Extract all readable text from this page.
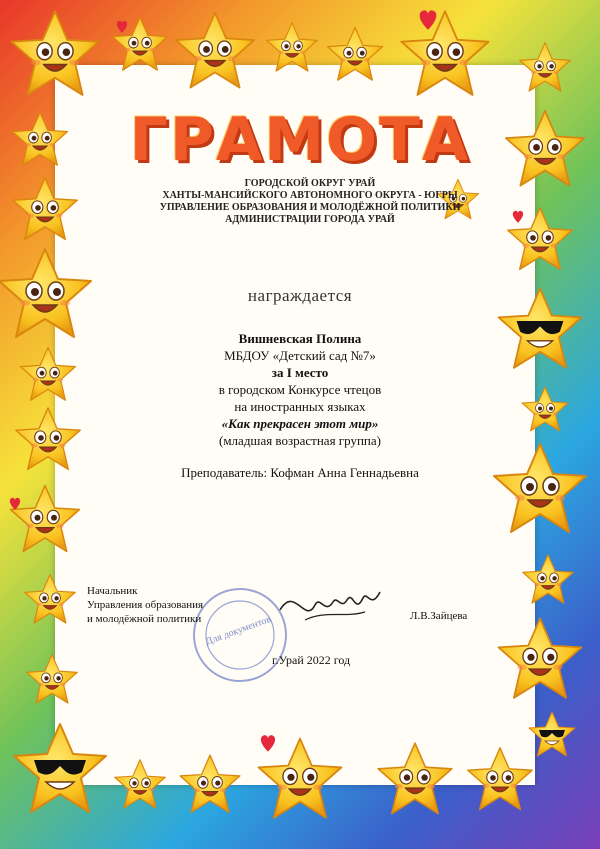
ГРАМОТА
ГОРОДСКОЙ ОКРУГ УРАЙ
ХАНТЫ-МАНСИЙСКОГО АВТОНОМНОГО ОКРУГА - ЮГРЫ
УПРАВЛЕНИЕ ОБРАЗОВАНИЯ И МОЛОДЁЖНОЙ ПОЛИТИКИ
АДМИНИСТРАЦИИ ГОРОДА УРАЙ
награждается
Вишневская Полина
МБДОУ «Детский сад №7»
за I место
в городском Конкурсе чтецов
на иностранных языках
«Как прекрасен этот мир»
(младшая возрастная группа)
Преподаватель: Кофман Анна Геннадьевна
Для документов
Начальник
Управления образования
и молодёжной политики	Л.В.Зайцева
г.Урай 2022 год
